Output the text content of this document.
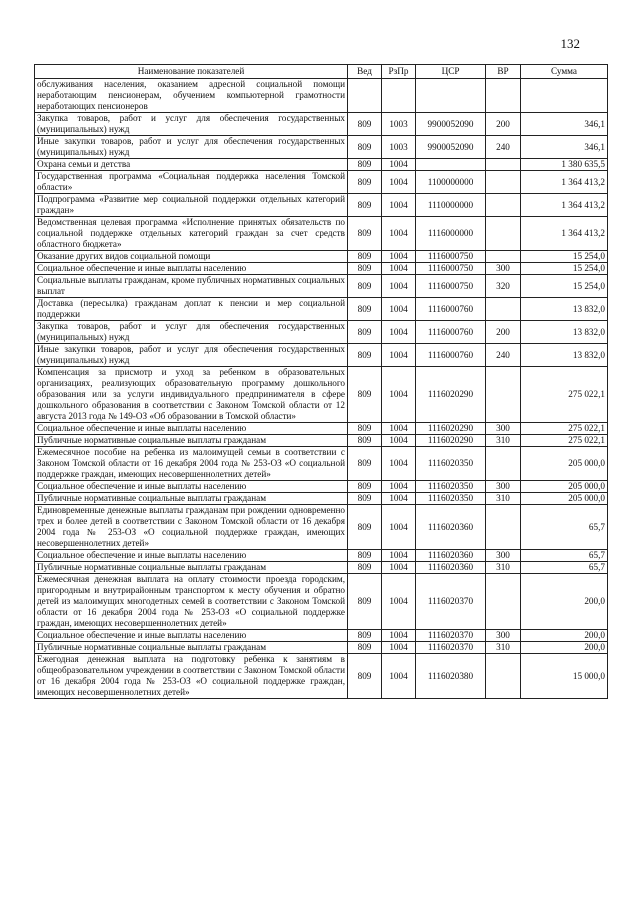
132
Наименование показателей	Вед	РзПр	ЦСР	ВР	Сумма
обслуживания населения, оказанием адресной социальной помощи неработающим пенсионерам, обучением компьютерной грамотности неработающих пенсионеров					
Закупка товаров, работ и услуг для обеспечения государственных (муниципальных) нужд	809	1003	9900052090	200	346,1
Иные закупки товаров, работ и услуг для обеспечения государственных (муниципальных) нужд	809	1003	9900052090	240	346,1
Охрана семьи и детства	809	1004			1 380 635,5
Государственная программа «Социальная поддержка населения Томской области»	809	1004	1100000000		1 364 413,2
Подпрограмма «Развитие мер социальной поддержки отдельных категорий граждан»	809	1004	1110000000		1 364 413,2
Ведомственная целевая программа «Исполнение принятых обязательств по социальной поддержке отдельных категорий граждан за счет средств областного бюджета»	809	1004	1116000000		1 364 413,2
Оказание других видов социальной помощи	809	1004	1116000750		15 254,0
Социальное обеспечение и иные выплаты населению	809	1004	1116000750	300	15 254,0
Социальные выплаты гражданам, кроме публичных нормативных социальных выплат	809	1004	1116000750	320	15 254,0
Доставка (пересылка) гражданам доплат к пенсии и мер социальной поддержки	809	1004	1116000760		13 832,0
Закупка товаров, работ и услуг для обеспечения государственных (муниципальных) нужд	809	1004	1116000760	200	13 832,0
Иные закупки товаров, работ и услуг для обеспечения государственных (муниципальных) нужд	809	1004	1116000760	240	13 832,0
Компенсация за присмотр и уход за ребенком в образовательных организациях, реализующих образовательную программу дошкольного образования или за услуги индивидуального предпринимателя в сфере дошкольного образования в соответствии с Законом Томской области от 12 августа 2013 года № 149-ОЗ «Об образовании в Томской области»	809	1004	1116020290		275 022,1
Социальное обеспечение и иные выплаты населению	809	1004	1116020290	300	275 022,1
Публичные нормативные социальные выплаты гражданам	809	1004	1116020290	310	275 022,1
Ежемесячное пособие на ребенка из малоимущей семьи в соответствии с Законом Томской области от 16 декабря 2004 года № 253-ОЗ «О социальной поддержке граждан, имеющих несовершеннолетних детей»	809	1004	1116020350		205 000,0
Социальное обеспечение и иные выплаты населению	809	1004	1116020350	300	205 000,0
Публичные нормативные социальные выплаты гражданам	809	1004	1116020350	310	205 000,0
Единовременные денежные выплаты гражданам при рождении одновременно трех и более детей в соответствии с Законом Томской области от 16 декабря 2004 года № 253-ОЗ «О социальной поддержке граждан, имеющих несовершеннолетних детей»	809	1004	1116020360		65,7
Социальное обеспечение и иные выплаты населению	809	1004	1116020360	300	65,7
Публичные нормативные социальные выплаты гражданам	809	1004	1116020360	310	65,7
Ежемесячная денежная выплата на оплату стоимости проезда городским, пригородным и внутрирайонным транспортом к месту обучения и обратно детей из малоимущих многодетных семей в соответствии с Законом Томской области от 16 декабря 2004 года № 253-ОЗ «О социальной поддержке граждан, имеющих несовершеннолетних детей»	809	1004	1116020370		200,0
Социальное обеспечение и иные выплаты населению	809	1004	1116020370	300	200,0
Публичные нормативные социальные выплаты гражданам	809	1004	1116020370	310	200,0
Ежегодная денежная выплата на подготовку ребенка к занятиям в общеобразовательном учреждении в соответствии с Законом Томской области от 16 декабря 2004 года № 253-ОЗ «О социальной поддержке граждан, имеющих несовершеннолетних детей»	809	1004	1116020380		15 000,0
